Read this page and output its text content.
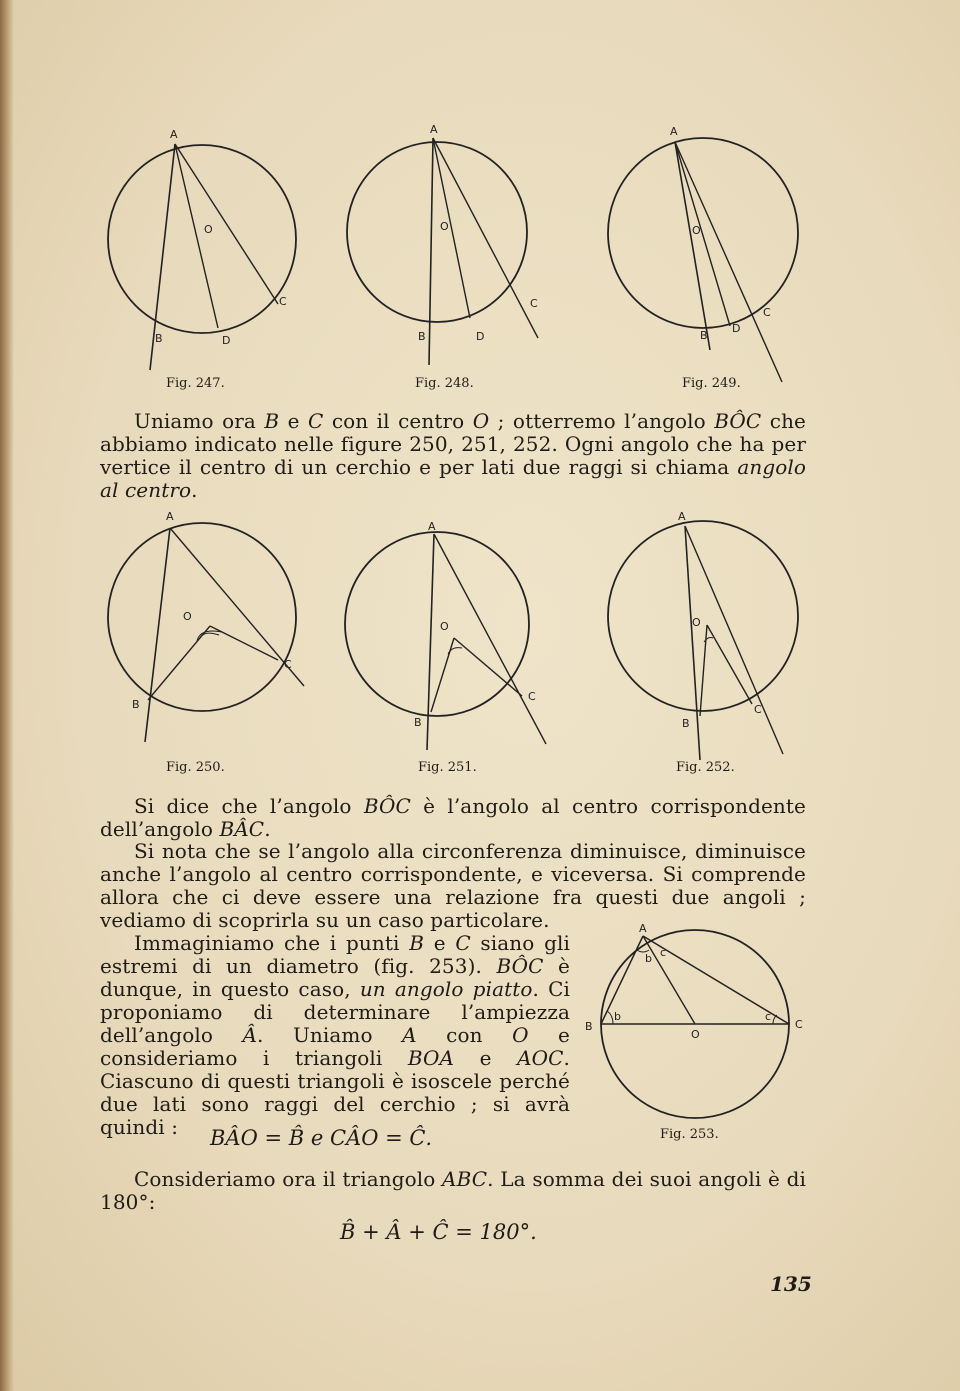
A
O
C
B	D
A
O
C
B	D
A
O
C
B
D
Fig. 247.	Fig. 248.	Fig. 249.

Uniamo ora B e C con il centro O ; otterremo l’angolo BÔC che abbiamo indicato nelle figure 250, 251, 252. Ogni angolo che ha per vertice il centro di un cerchio e per lati due raggi si chiama angolo al centro.

A
O
C
B
A
O
C
B
A
O
C
B
Fig. 250.	Fig. 251.	Fig. 252.

Si dice che l’angolo BÔC è l’angolo al centro corrispondente dell’angolo BÂC.

Si nota che se l’angolo alla circonferenza diminuisce, diminuisce anche l’angolo al centro corrispondente, e viceversa. Si comprende allora che ci deve essere una relazione fra questi due angoli ; vediamo di scoprirla su un caso particolare.

Immaginiamo che i punti B e C siano gli estremi di un diametro (fig. 253). BÔC è dunque, in questo caso, un angolo piatto. Ci proponiamo di determinare l’ampiezza dell’angolo Â. Uniamo A con O e consideriamo i triangoli BOA e AOC. Ciascuno di questi triangoli è isoscele perché due lati sono raggi del cerchio ; si avrà quindi :

A
B
O
C
b c
b	c
BÂO = B̂ e CÂO = Ĉ.	Fig. 253.

Consideriamo ora il triangolo ABC. La somma dei suoi angoli è di 180°:

B̂ + Â + Ĉ = 180°.
135
